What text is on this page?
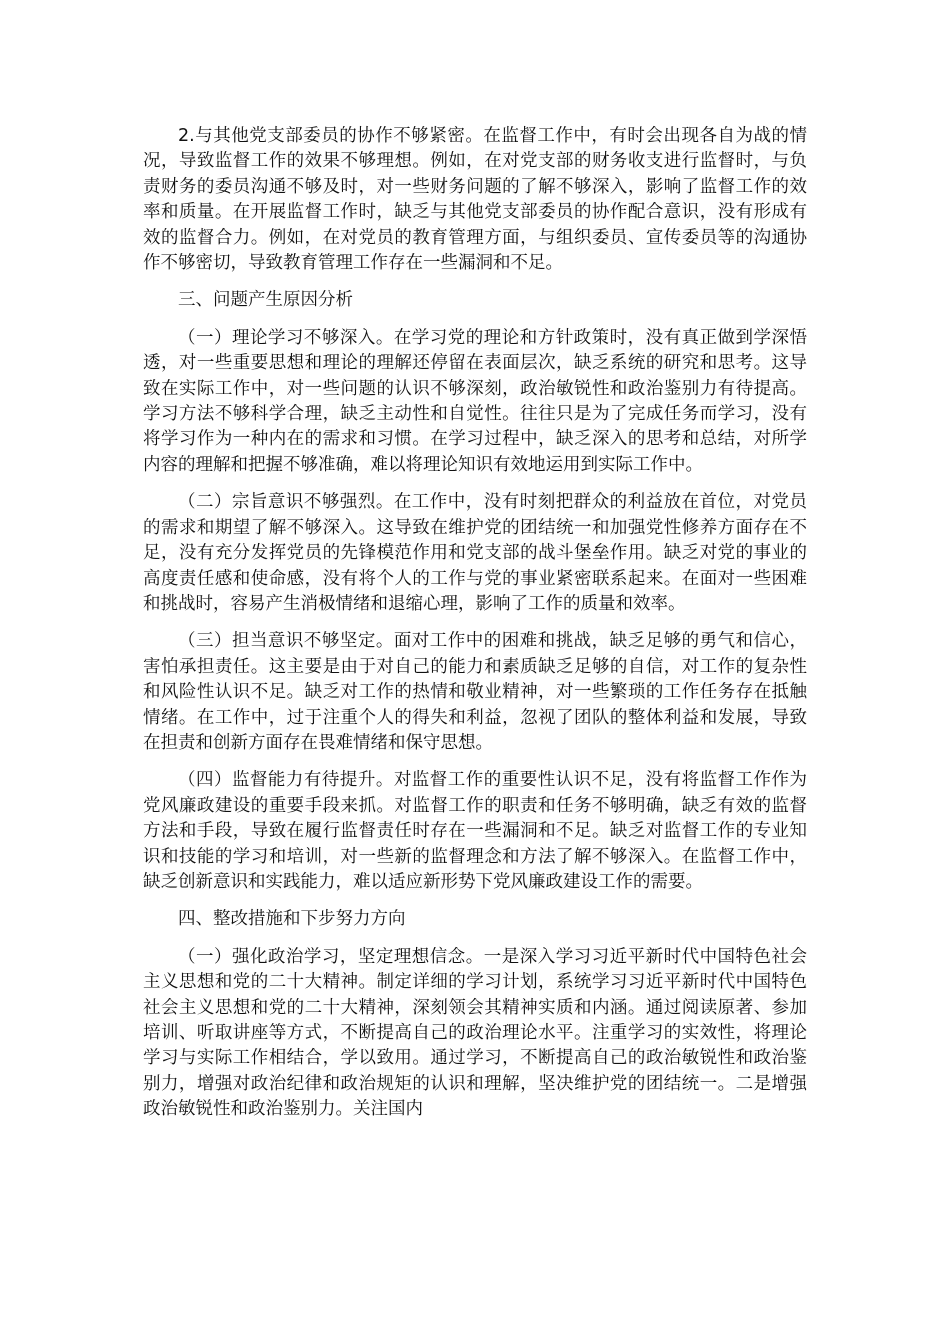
2.与其他党支部委员的协作不够紧密。在监督工作中，有时会出现各自为战的情况，导致监督工作的效果不够理想。例如，在对党支部的财务收支进行监督时，与负责财务的委员沟通不够及时，对一些财务问题的了解不够深入，影响了监督工作的效率和质量。在开展监督工作时，缺乏与其他党支部委员的协作配合意识，没有形成有效的监督合力。例如，在对党员的教育管理方面，与组织委员、宣传委员等的沟通协作不够密切，导致教育管理工作存在一些漏洞和不足。

三、问题产生原因分析

（一）理论学习不够深入。在学习党的理论和方针政策时，没有真正做到学深悟透，对一些重要思想和理论的理解还停留在表面层次，缺乏系统的研究和思考。这导致在实际工作中，对一些问题的认识不够深刻，政治敏锐性和政治鉴别力有待提高。学习方法不够科学合理，缺乏主动性和自觉性。往往只是为了完成任务而学习，没有将学习作为一种内在的需求和习惯。在学习过程中，缺乏深入的思考和总结，对所学内容的理解和把握不够准确，难以将理论知识有效地运用到实际工作中。

（二）宗旨意识不够强烈。在工作中，没有时刻把群众的利益放在首位，对党员的需求和期望了解不够深入。这导致在维护党的团结统一和加强党性修养方面存在不足，没有充分发挥党员的先锋模范作用和党支部的战斗堡垒作用。缺乏对党的事业的高度责任感和使命感，没有将个人的工作与党的事业紧密联系起来。在面对一些困难和挑战时，容易产生消极情绪和退缩心理，影响了工作的质量和效率。

（三）担当意识不够坚定。面对工作中的困难和挑战，缺乏足够的勇气和信心，害怕承担责任。这主要是由于对自己的能力和素质缺乏足够的自信，对工作的复杂性和风险性认识不足。缺乏对工作的热情和敬业精神，对一些繁琐的工作任务存在抵触情绪。在工作中，过于注重个人的得失和利益，忽视了团队的整体利益和发展，导致在担责和创新方面存在畏难情绪和保守思想。

（四）监督能力有待提升。对监督工作的重要性认识不足，没有将监督工作作为党风廉政建设的重要手段来抓。对监督工作的职责和任务不够明确，缺乏有效的监督方法和手段，导致在履行监督责任时存在一些漏洞和不足。缺乏对监督工作的专业知识和技能的学习和培训，对一些新的监督理念和方法了解不够深入。在监督工作中，缺乏创新意识和实践能力，难以适应新形势下党风廉政建设工作的需要。

四、整改措施和下步努力方向

（一）强化政治学习，坚定理想信念。一是深入学习习近平新时代中国特色社会主义思想和党的二十大精神。制定详细的学习计划，系统学习习近平新时代中国特色社会主义思想和党的二十大精神，深刻领会其精神实质和内涵。通过阅读原著、参加培训、听取讲座等方式，不断提高自己的政治理论水平。注重学习的实效性，将理论学习与实际工作相结合，学以致用。通过学习，不断提高自己的政治敏锐性和政治鉴别力，增强对政治纪律和政治规矩的认识和理解，坚决维护党的团结统一。二是增强政治敏锐性和政治鉴别力。关注国内
